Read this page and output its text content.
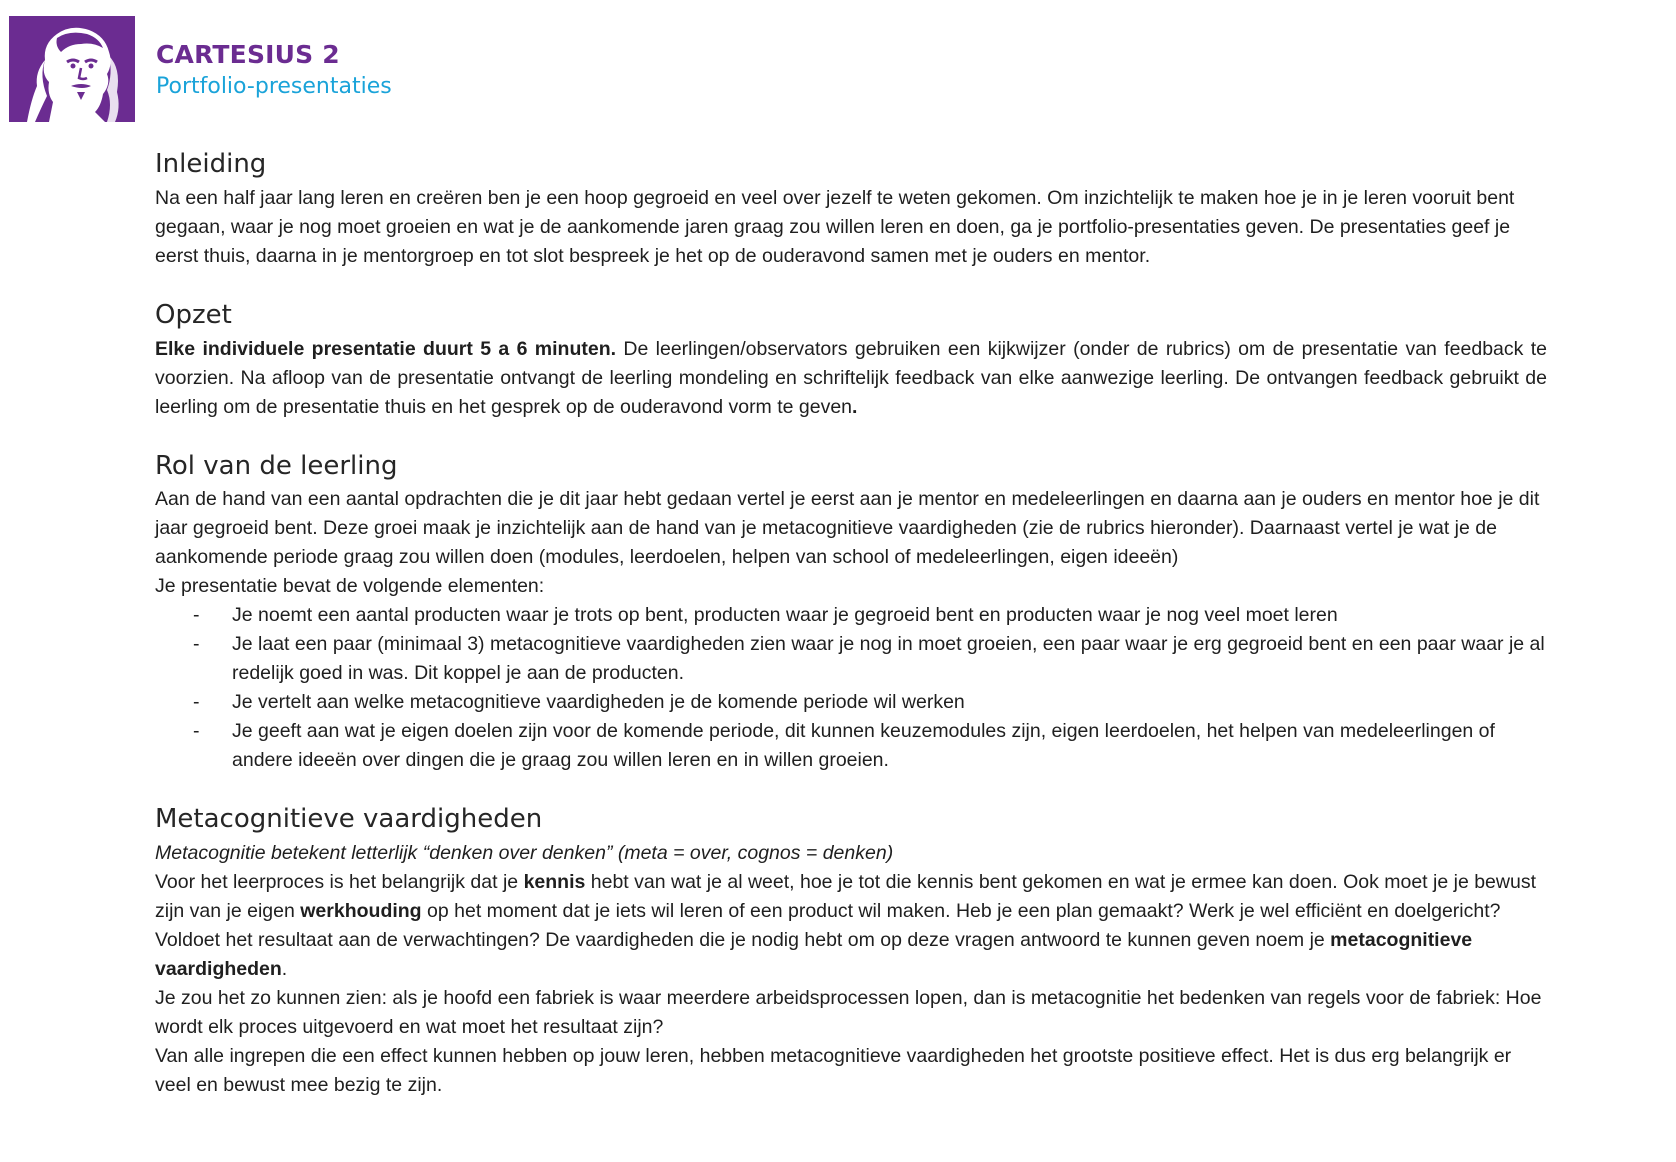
CARTESIUS 2
Portfolio-presentaties
Inleiding

Na een half jaar lang leren en creëren ben je een hoop gegroeid en veel over jezelf te weten gekomen. Om inzichtelijk te maken hoe je in je leren vooruit bent gegaan, waar je nog moet groeien en wat je de aankomende jaren graag zou willen leren en doen, ga je portfolio-presentaties geven. De presentaties geef je eerst thuis, daarna in je mentorgroep en tot slot bespreek je het op de ouderavond samen met je ouders en mentor.

Opzet

Elke individuele presentatie duurt 5 a 6 minuten. De leerlingen/observators gebruiken een kijkwijzer (onder de rubrics) om de presentatie van feedback te voorzien. Na afloop van de presentatie ontvangt de leerling mondeling en schriftelijk feedback van elke aanwezige leerling. De ontvangen feedback gebruikt de leerling om de presentatie thuis en het gesprek op de ouderavond vorm te geven.

Rol van de leerling

Aan de hand van een aantal opdrachten die je dit jaar hebt gedaan vertel je eerst aan je mentor en medeleerlingen en daarna aan je ouders en mentor hoe je dit jaar gegroeid bent. Deze groei maak je inzichtelijk aan de hand van je metacognitieve vaardigheden (zie de rubrics hieronder). Daarnaast vertel je wat je de aankomende periode graag zou willen doen (modules, leerdoelen, helpen van school of medeleerlingen, eigen ideeën)

Je presentatie bevat de volgende elementen:

- Je noemt een aantal producten waar je trots op bent, producten waar je gegroeid bent en producten waar je nog veel moet leren
- Je laat een paar (minimaal 3) metacognitieve vaardigheden zien waar je nog in moet groeien, een paar waar je erg gegroeid bent en een paar waar je al redelijk goed in was. Dit koppel je aan de producten.
- Je vertelt aan welke metacognitieve vaardigheden je de komende periode wil werken
- Je geeft aan wat je eigen doelen zijn voor de komende periode, dit kunnen keuzemodules zijn, eigen leerdoelen, het helpen van medeleerlingen of andere ideeën over dingen die je graag zou willen leren en in willen groeien.
Metacognitieve vaardigheden

Metacognitie betekent letterlijk “denken over denken” (meta = over, cognos = denken)

Voor het leerproces is het belangrijk dat je kennis hebt van wat je al weet, hoe je tot die kennis bent gekomen en wat je ermee kan doen. Ook moet je je bewust zijn van je eigen werkhouding op het moment dat je iets wil leren of een product wil maken. Heb je een plan gemaakt? Werk je wel efficiënt en doelgericht? Voldoet het resultaat aan de verwachtingen? De vaardigheden die je nodig hebt om op deze vragen antwoord te kunnen geven noem je metacognitieve vaardigheden.

Je zou het zo kunnen zien: als je hoofd een fabriek is waar meerdere arbeidsprocessen lopen, dan is metacognitie het bedenken van regels voor de fabriek: Hoe wordt elk proces uitgevoerd en wat moet het resultaat zijn?

Van alle ingrepen die een effect kunnen hebben op jouw leren, hebben metacognitieve vaardigheden het grootste positieve effect. Het is dus erg belangrijk er veel en bewust mee bezig te zijn.
